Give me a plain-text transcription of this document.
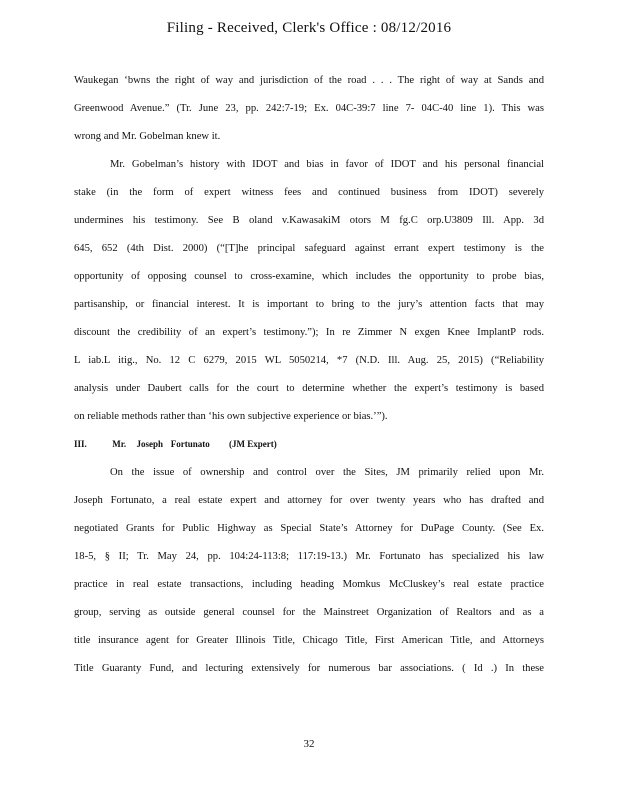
Filing - Received, Clerk's Office : 08/12/2016
Waukegan ‘bwns the right of way and jurisdiction of the road . . . The right of way at Sands and
Greenwood Avenue.” (Tr. June 23, pp. 242:7-19; Ex. 04C-39:7 line 7- 04C-40 line 1). This was
wrong and Mr. Gobelman knew it.
Mr. Gobelman’s history with IDOT and bias in favor of IDOT and his personal financial
stake (in the form of expert witness fees and continued business from IDOT) severely
undermines his testimony. See B oland v.KawasakiM otors M fg.C orp.U3809 Ill. App. 3d
645, 652 (4th Dist. 2000) (“[T]he principal safeguard against errant expert testimony is the
opportunity of opposing counsel to cross-examine, which includes the opportunity to probe bias,
partisanship, or financial interest. It is important to bring to the jury’s attention facts that may
discount the credibility of an expert’s testimony.”); In re Zimmer N exgen Knee ImplantP rods.
L iab.L itig., No. 12 C 6279, 2015 WL 5050214, *7 (N.D. Ill. Aug. 25, 2015) (“Reliability
analysis under Daubert calls for the court to determine whether the expert’s testimony is based
on reliable methods rather than ‘his own subjective experience or bias.’”).
III.	Mr. Joseph Fortunato (JM Expert)
On the issue of ownership and control over the Sites, JM primarily relied upon Mr.
Joseph Fortunato, a real estate expert and attorney for over twenty years who has drafted and
negotiated Grants for Public Highway as Special State’s Attorney for DuPage County. (See Ex.
18-5, § II; Tr. May 24, pp. 104:24-113:8; 117:19-13.) Mr. Fortunato has specialized his law
practice in real estate transactions, including heading Momkus McCluskey’s real estate practice
group, serving as outside general counsel for the Mainstreet Organization of Realtors and as a
title insurance agent for Greater Illinois Title, Chicago Title, First American Title, and Attorneys
Title Guaranty Fund, and lecturing extensively for numerous bar associations. ( Id .) In these
32
